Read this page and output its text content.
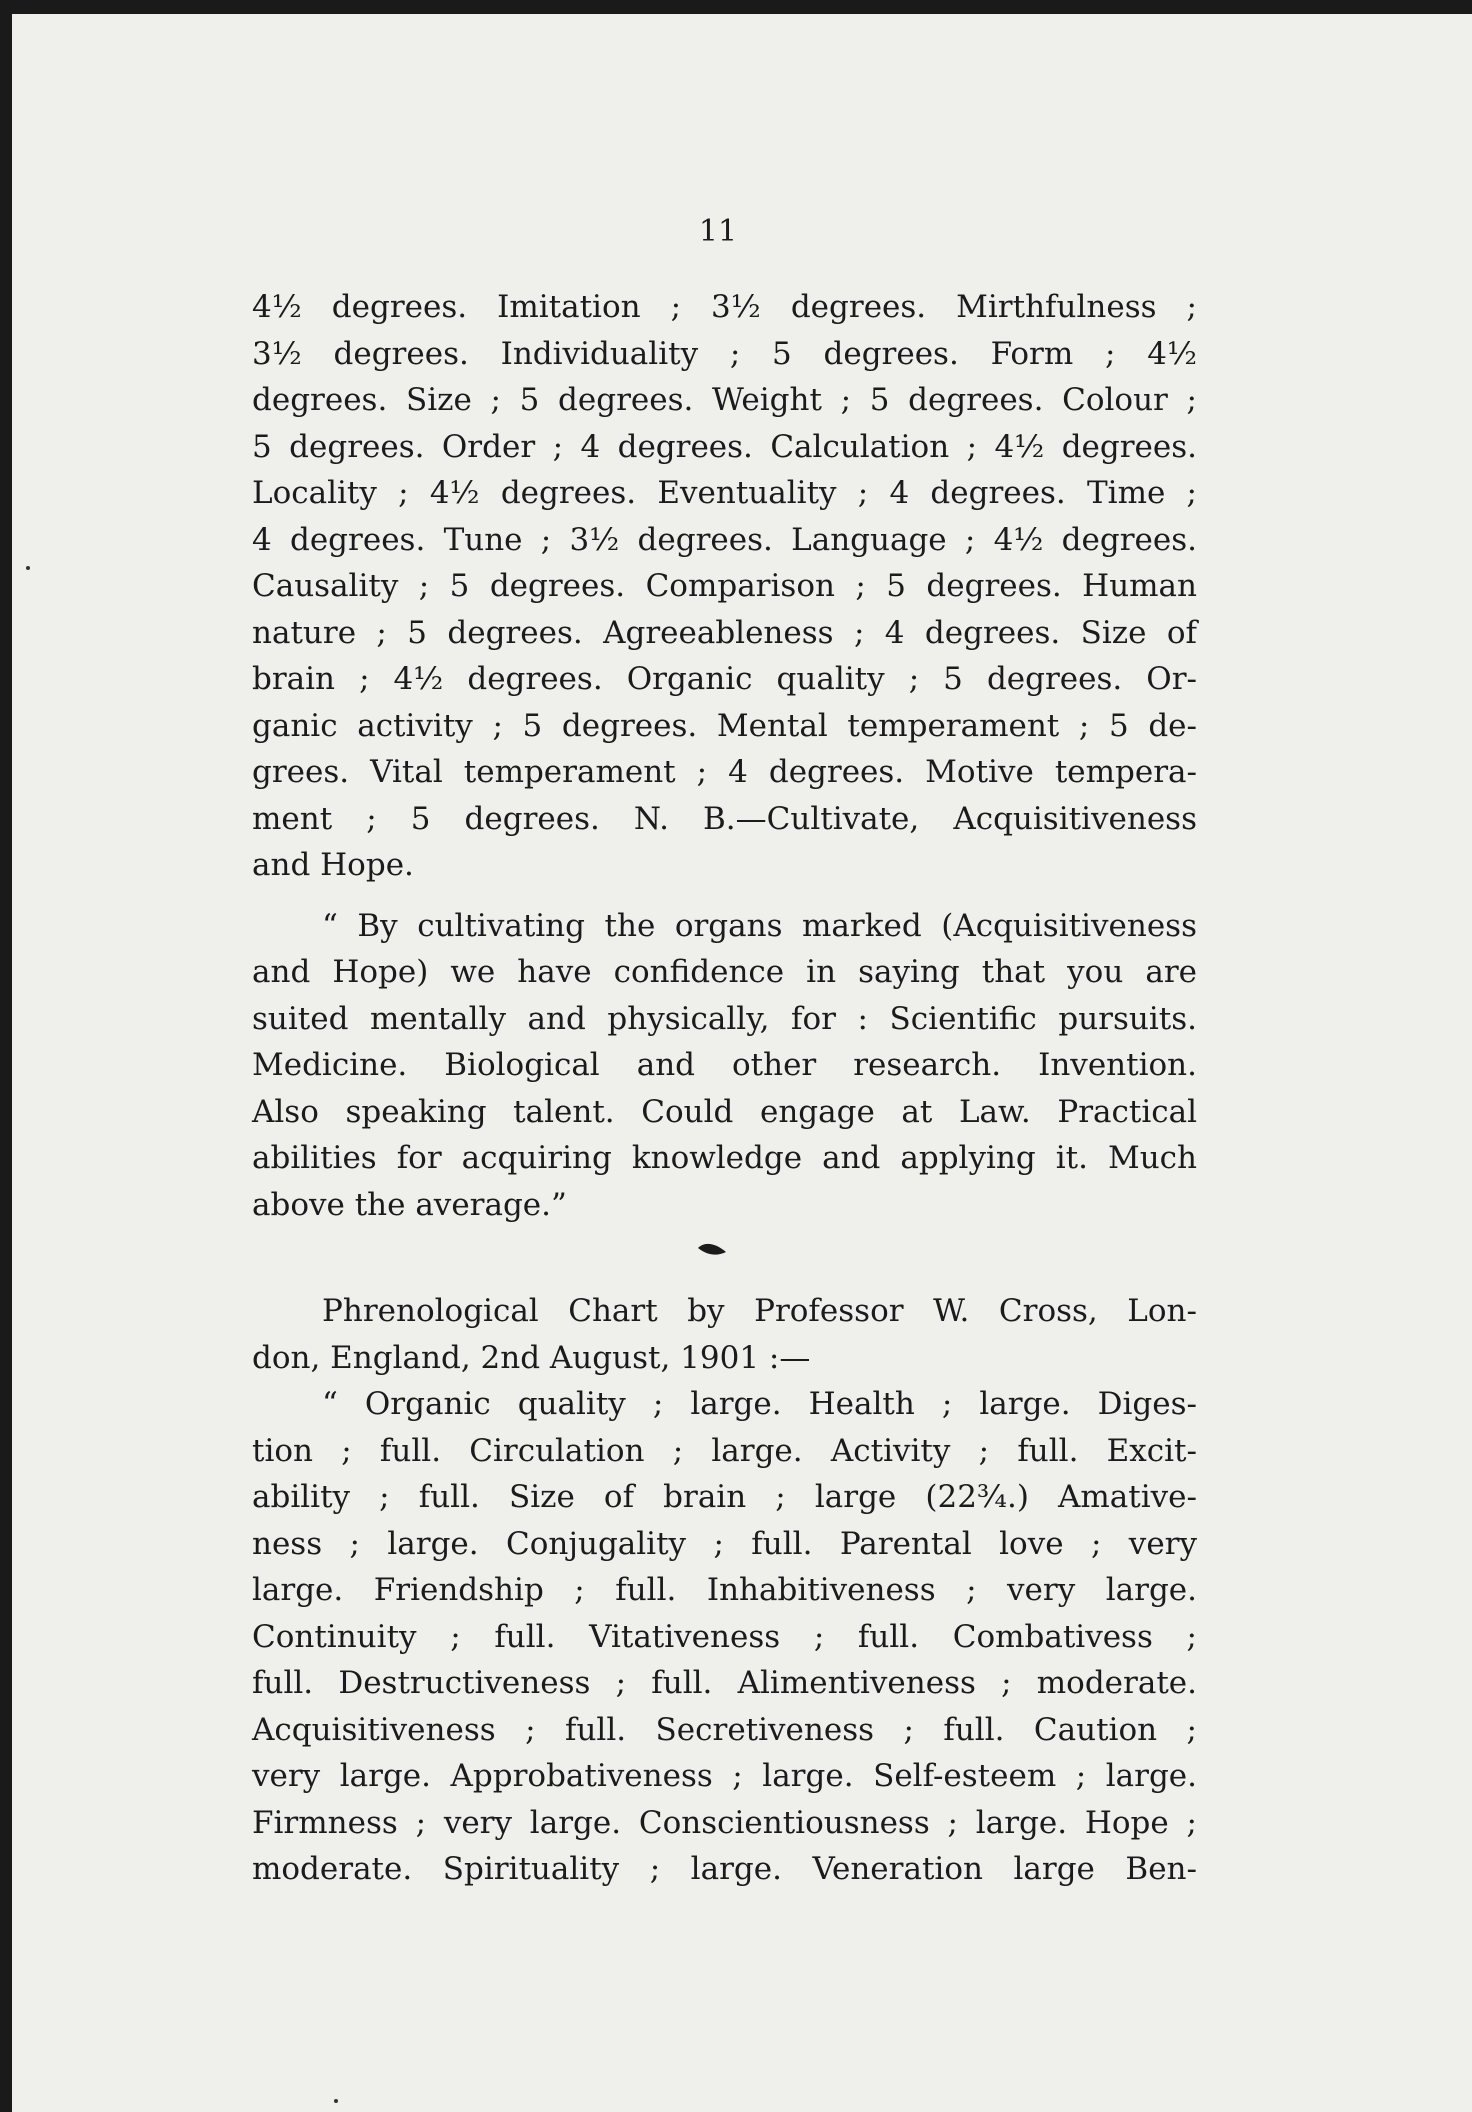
11
4½ degrees. Imitation ; 3½ degrees. Mirthfulness ;
3½ degrees. Individuality ; 5 degrees. Form ; 4½
degrees. Size ; 5 degrees. Weight ; 5 degrees. Colour ;
5 degrees. Order ; 4 degrees. Calculation ; 4½ degrees.
Locality ; 4½ degrees. Eventuality ; 4 degrees. Time ;
4 degrees. Tune ; 3½ degrees. Language ; 4½ degrees.
Causality ; 5 degrees. Comparison ; 5 degrees. Human
nature ; 5 degrees. Agreeableness ; 4 degrees. Size of
brain ; 4½ degrees. Organic quality ; 5 degrees. Or-
ganic activity ; 5 degrees. Mental temperament ; 5 de-
grees. Vital temperament ; 4 degrees. Motive tempera-
ment ; 5 degrees. N. B.—Cultivate, Acquisitiveness
and Hope.
“ By cultivating the organs marked (Acquisitiveness
and Hope) we have confidence in saying that you are
suited mentally and physically, for : Scientific pursuits.
Medicine. Biological and other research. Invention.
Also speaking talent. Could engage at Law. Practical
abilities for acquiring knowledge and applying it. Much
above the average.”
Phrenological Chart by Professor W. Cross, Lon-
don, England, 2nd August, 1901 :—
“ Organic quality ; large. Health ; large. Diges-
tion ; full. Circulation ; large. Activity ; full. Excit-
ability ; full. Size of brain ; large (22¾.) Amative-
ness ; large. Conjugality ; full. Parental love ; very
large. Friendship ; full. Inhabitiveness ; very large.
Continuity ; full. Vitativeness ; full. Combativess ;
full. Destructiveness ; full. Alimentiveness ; moderate.
Acquisitiveness ; full. Secretiveness ; full. Caution ;
very large. Approbativeness ; large. Self-esteem ; large.
Firmness ; very large. Conscientiousness ; large. Hope ;
moderate. Spirituality ; large. Veneration large Ben-
